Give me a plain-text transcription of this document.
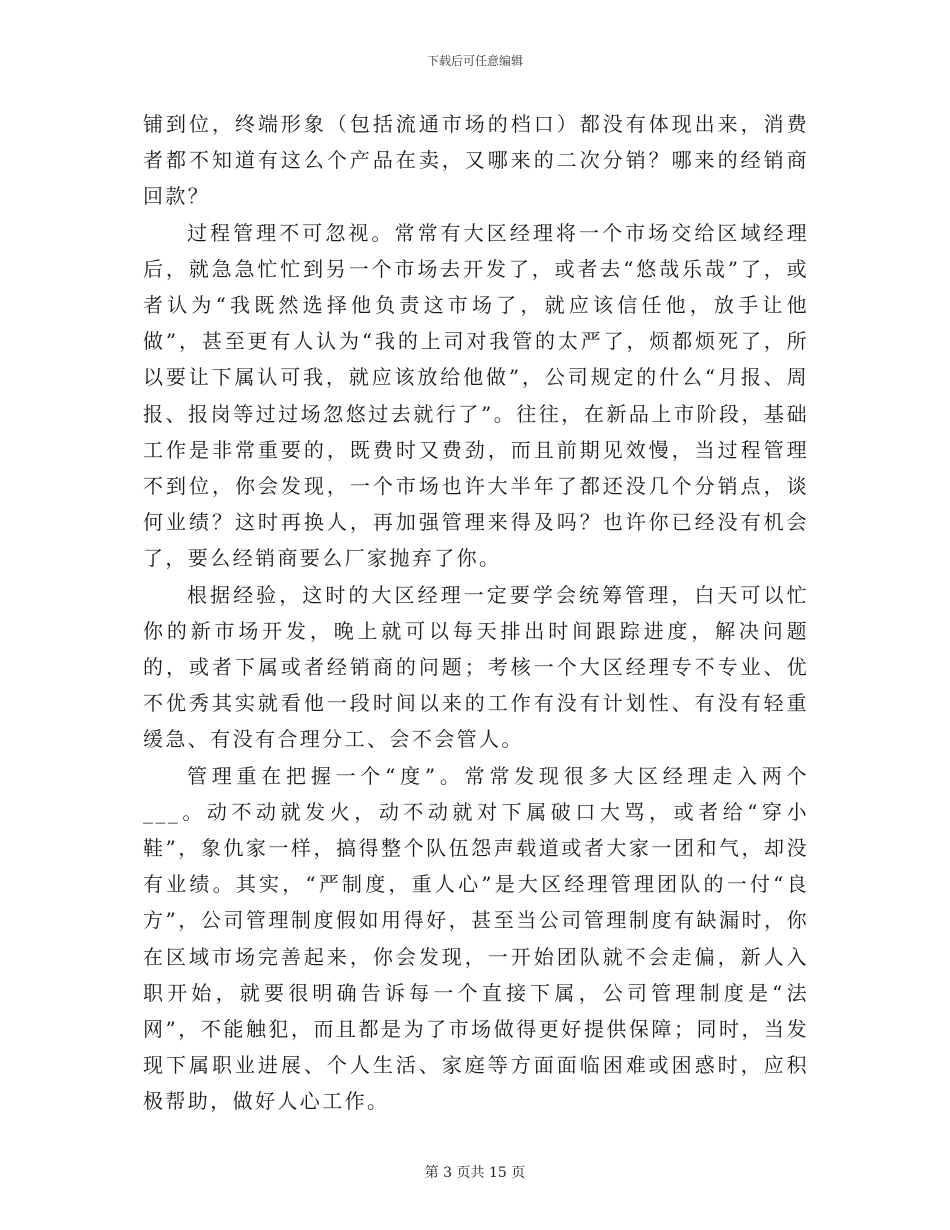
下载后可任意编辑

铺到位，终端形象（包括流通市场的档口）都没有体现出来，消费者都不知道有这么个产品在卖，又哪来的二次分销？哪来的经销商回款？

过程管理不可忽视。常常有大区经理将一个市场交给区域经理后，就急急忙忙到另一个市场去开发了，或者去“悠哉乐哉”了，或者认为“我既然选择他负责这市场了，就应该信任他，放手让他做”，甚至更有人认为“我的上司对我管的太严了，烦都烦死了，所以要让下属认可我，就应该放给他做”，公司规定的什么“月报、周报、报岗等过过场忽悠过去就行了”。往往，在新品上市阶段，基础工作是非常重要的，既费时又费劲，而且前期见效慢，当过程管理不到位，你会发现，一个市场也许大半年了都还没几个分销点，谈何业绩？这时再换人，再加强管理来得及吗？也许你已经没有机会了，要么经销商要么厂家抛弃了你。

根据经验，这时的大区经理一定要学会统筹管理，白天可以忙你的新市场开发，晚上就可以每天排出时间跟踪进度，解决问题的，或者下属或者经销商的问题；考核一个大区经理专不专业、优不优秀其实就看他一段时间以来的工作有没有计划性、有没有轻重缓急、有没有合理分工、会不会管人。

管理重在把握一个“度”。常常发现很多大区经理走入两个___。动不动就发火，动不动就对下属破口大骂，或者给“穿小鞋”，象仇家一样，搞得整个队伍怨声载道或者大家一团和气，却没有业绩。其实，“严制度，重人心”是大区经理管理团队的一付“良方”，公司管理制度假如用得好，甚至当公司管理制度有缺漏时，你在区域市场完善起来，你会发现，一开始团队就不会走偏，新人入职开始，就要很明确告诉每一个直接下属，公司管理制度是“法网”，不能触犯，而且都是为了市场做得更好提供保障；同时，当发现下属职业进展、个人生活、家庭等方面面临困难或困惑时，应积极帮助，做好人心工作。

第 3 页共 15 页
